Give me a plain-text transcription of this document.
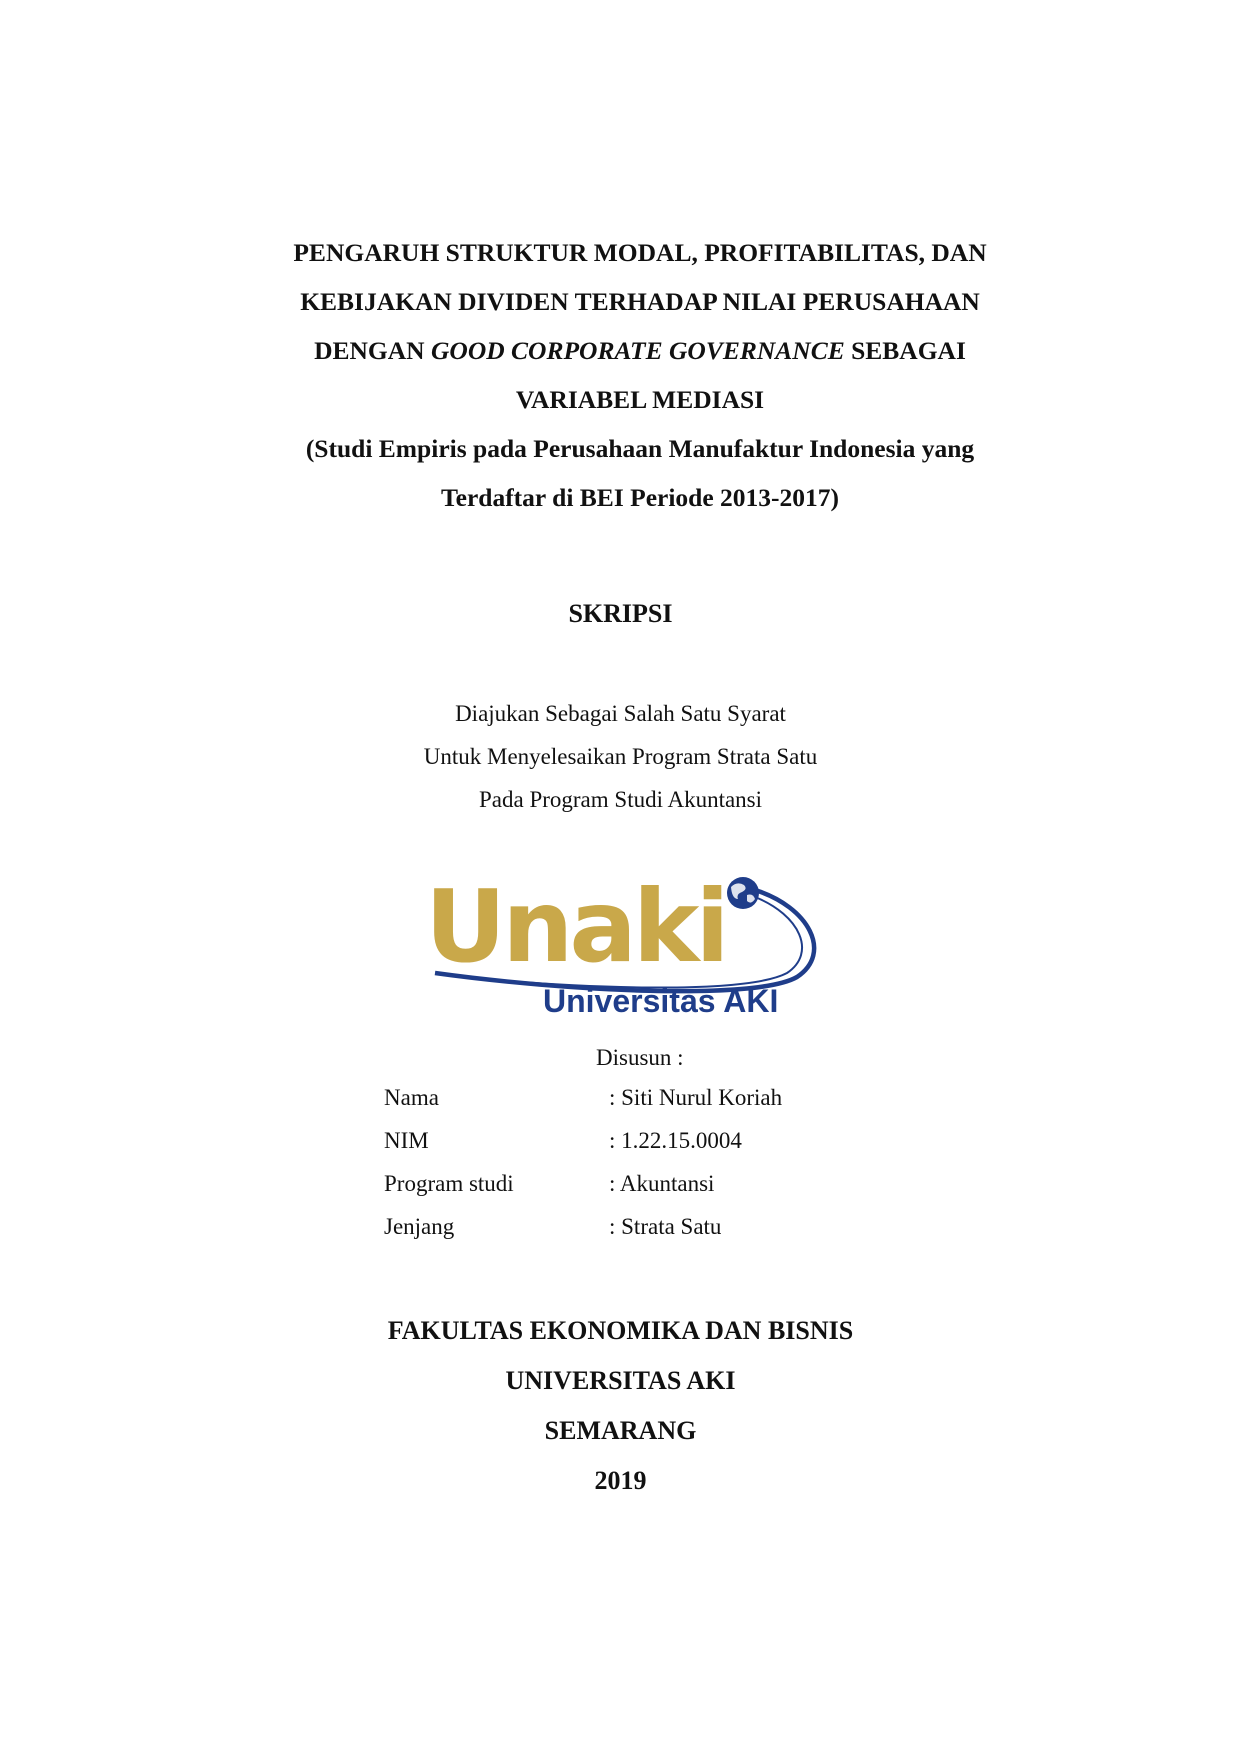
PENGARUH STRUKTUR MODAL, PROFITABILITAS, DAN
KEBIJAKAN DIVIDEN TERHADAP NILAI PERUSAHAAN
DENGAN GOOD CORPORATE GOVERNANCE SEBAGAI
VARIABEL MEDIASI
(Studi Empiris pada Perusahaan Manufaktur Indonesia yang
Terdaftar di BEI Periode 2013-2017)
SKRIPSI
Diajukan Sebagai Salah Satu Syarat
Untuk Menyelesaikan Program Strata Satu
Pada Program Studi Akuntansi
Unaki
Universitas AKI
Disusun :
Nama	: Siti Nurul Koriah
NIM	: 1.22.15.0004
Program studi	: Akuntansi
Jenjang	: Strata Satu
FAKULTAS EKONOMIKA DAN BISNIS
UNIVERSITAS AKI
SEMARANG
2019
